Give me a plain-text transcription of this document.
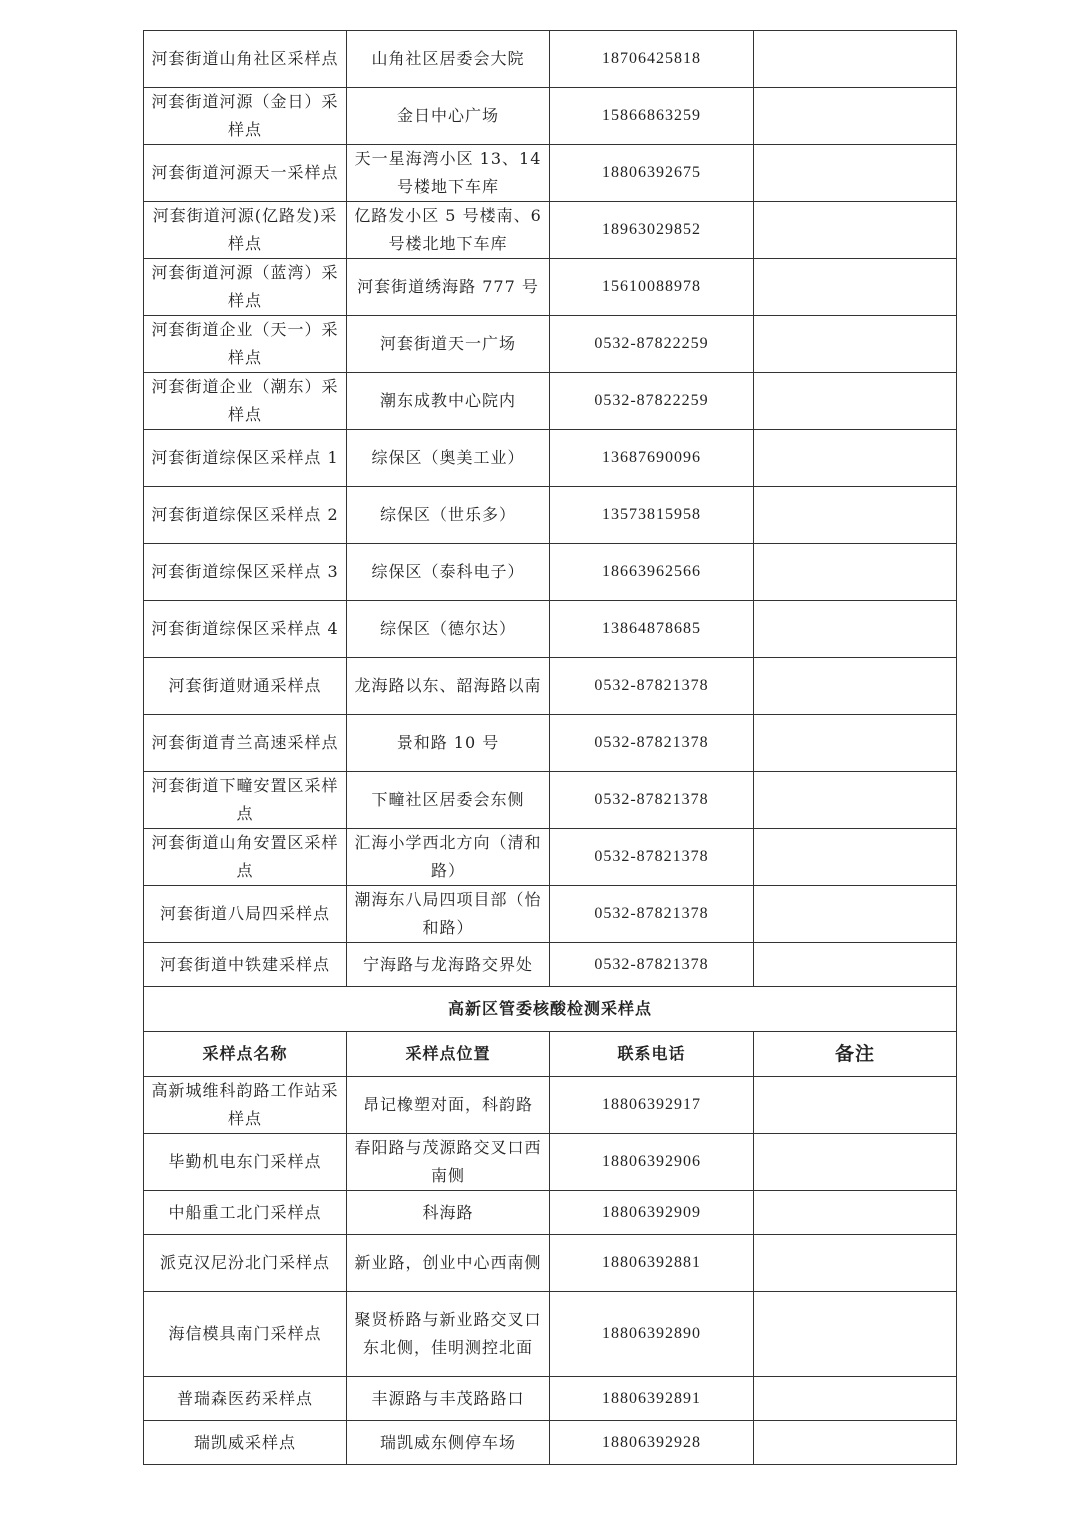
河套街道山角社区采样点	山角社区居委会大院	18706425818	
河套街道河源（金日）采样点	金日中心广场	15866863259	
河套街道河源天一采样点	天一星海湾小区 13、14 号楼地下车库	18806392675	
河套街道河源(亿路发)采样点	亿路发小区 5 号楼南、6 号楼北地下车库	18963029852	
河套街道河源（蓝湾）采样点	河套街道绣海路 777 号	15610088978	
河套街道企业（天一）采样点	河套街道天一广场	0532-87822259	
河套街道企业（潮东）采样点	潮东成教中心院内	0532-87822259	
河套街道综保区采样点 1	综保区（奥美工业）	13687690096	
河套街道综保区采样点 2	综保区（世乐多）	13573815958	
河套街道综保区采样点 3	综保区（泰科电子）	18663962566	
河套街道综保区采样点 4	综保区（德尔达）	13864878685	
河套街道财通采样点	龙海路以东、韶海路以南	0532-87821378	
河套街道青兰高速采样点	景和路 10 号	0532-87821378	
河套街道下疃安置区采样点	下疃社区居委会东侧	0532-87821378	
河套街道山角安置区采样点	汇海小学西北方向（清和路）	0532-87821378	
河套街道八局四采样点	潮海东八局四项目部（怡和路）	0532-87821378	
河套街道中铁建采样点	宁海路与龙海路交界处	0532-87821378	
高新区管委核酸检测采样点			
采样点名称	采样点位置	联系电话	备注
高新城维科韵路工作站采样点	昂记橡塑对面，科韵路	18806392917	
毕勤机电东门采样点	春阳路与茂源路交叉口西南侧	18806392906	
中船重工北门采样点	科海路	18806392909	
派克汉尼汾北门采样点	新业路，创业中心西南侧	18806392881	
海信模具南门采样点	聚贤桥路与新业路交叉口东北侧，佳明测控北面	18806392890	
普瑞森医药采样点	丰源路与丰茂路路口	18806392891	
瑞凯威采样点	瑞凯威东侧停车场	18806392928	
